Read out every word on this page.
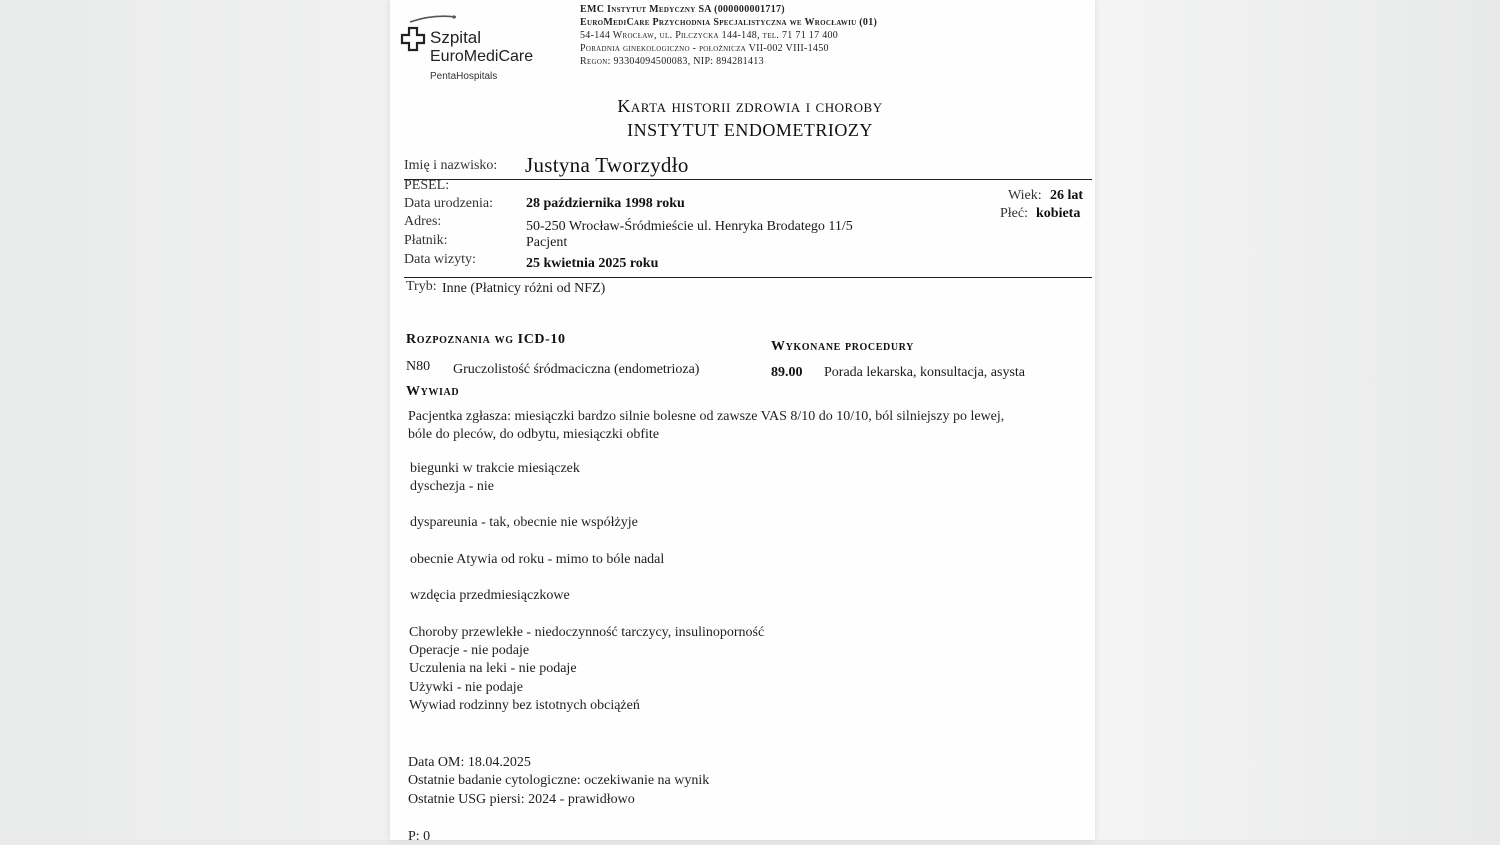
Szpital
EuroMediCare
PentaHospitals
EMC Instytut Medyczny SA (000000001717)
EuroMediCare Przychodnia Specjalistyczna we Wrocławiu (01)
54-144 Wrocław, ul. Pilczycka 144-148, tel. 71 71 17 400
Poradnia ginekologiczno - położnicza VII-002 VIII-1450
Regon: 93304094500083, NIP: 894281413
Karta historii zdrowia i choroby
INSTYTUT ENDOMETRIOZY
Imię i nazwisko: Justyna Tworzydło
PESEL:
Data urodzenia: 28 października 1998 roku
Adres:	50-250 Wrocław-Śródmieście ul. Henryka Brodatego 11/5
Płatnik:	Pacjent
Data wizyty:	25 kwietnia 2025 roku
Wiek: 26 lat
Płeć: kobieta
Tryb: Inne (Płatnicy różni od NFZ)
Rozpoznania wg ICD-10
N80 Gruczolistość śródmaciczna (endometrioza)
Wykonane procedury
89.00 Porada lekarska, konsultacja, asysta
Wywiad
Pacjentka zgłasza: miesiączki bardzo silnie bolesne od zawsze VAS 8/10 do 10/10, ból silniejszy po lewej,
bóle do pleców, do odbytu, miesiączki obfite
biegunki w trakcie miesiączek
dyschezja - nie
dyspareunia - tak, obecnie nie współżyje
obecnie Atywia od roku - mimo to bóle nadal
wzdęcia przedmiesiączkowe
Choroby przewlekłe - niedoczynność tarczycy, insulinoporność
Operacje - nie podaje
Uczulenia na leki - nie podaje
Używki - nie podaje
Wywiad rodzinny bez istotnych obciążeń
Data OM: 18.04.2025
Ostatnie badanie cytologiczne: oczekiwanie na wynik
Ostatnie USG piersi: 2024 - prawidłowo
P: 0
